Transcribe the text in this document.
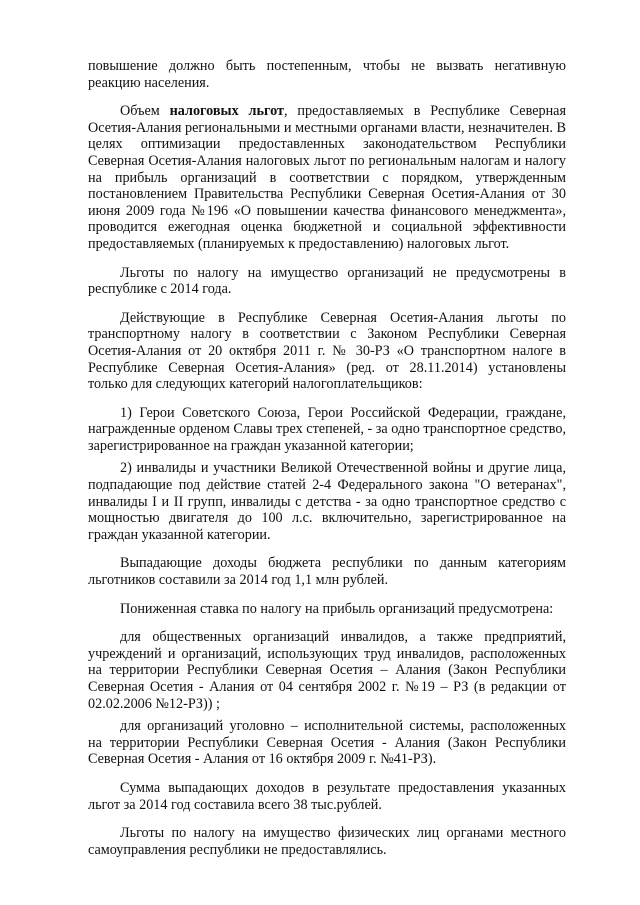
повышение должно быть постепенным, чтобы не вызвать негативную реакцию населения.

Объем налоговых льгот, предоставляемых в Республике Северная Осетия-Алания региональными и местными органами власти, незначителен. В целях оптимизации предоставленных законодательством Республики Северная Осетия-Алания налоговых льгот по региональным налогам и налогу на прибыль организаций в соответствии с порядком, утвержденным постановлением Правительства Республики Северная Осетия-Алания от 30 июня 2009 года №196 «О повышении качества финансового менеджмента», проводится ежегодная оценка бюджетной и социальной эффективности предоставляемых (планируемых к предоставлению) налоговых льгот.

Льготы по налогу на имущество организаций не предусмотрены в республике с 2014 года.

Действующие в Республике Северная Осетия-Алания льготы по транспортному налогу в соответствии с Законом Республики Северная Осетия-Алания от 20 октября 2011 г. № 30-РЗ «О транспортном налоге в Республике Северная Осетия-Алания» (ред. от 28.11.2014) установлены только для следующих категорий налогоплательщиков:

1) Герои Советского Союза, Герои Российской Федерации, граждане, награжденные орденом Славы трех степеней, - за одно транспортное средство, зарегистрированное на граждан указанной категории;

2) инвалиды и участники Великой Отечественной войны и другие лица, подпадающие под действие статей 2-4 Федерального закона "О ветеранах", инвалиды I и II групп, инвалиды с детства - за одно транспортное средство с мощностью двигателя до 100 л.с. включительно, зарегистрированное на граждан указанной категории.

Выпадающие доходы бюджета республики по данным категориям льготников составили за 2014 год 1,1 млн рублей.

Пониженная ставка по налогу на прибыль организаций предусмотрена:

для общественных организаций инвалидов, а также предприятий, учреждений и организаций, использующих труд инвалидов, расположенных на территории Республики Северная Осетия – Алания (Закон Республики Северная Осетия - Алания от 04 сентября 2002 г. №19 – РЗ (в редакции от 02.02.2006 №12-РЗ)) ;

для организаций уголовно – исполнительной системы, расположенных на территории Республики Северная Осетия - Алания (Закон Республики Северная Осетия - Алания от 16 октября 2009 г. №41-РЗ).

Сумма выпадающих доходов в результате предоставления указанных льгот за 2014 год составила всего 38 тыс.рублей.

Льготы по налогу на имущество физических лиц органами местного самоуправления республики не предоставлялись.
